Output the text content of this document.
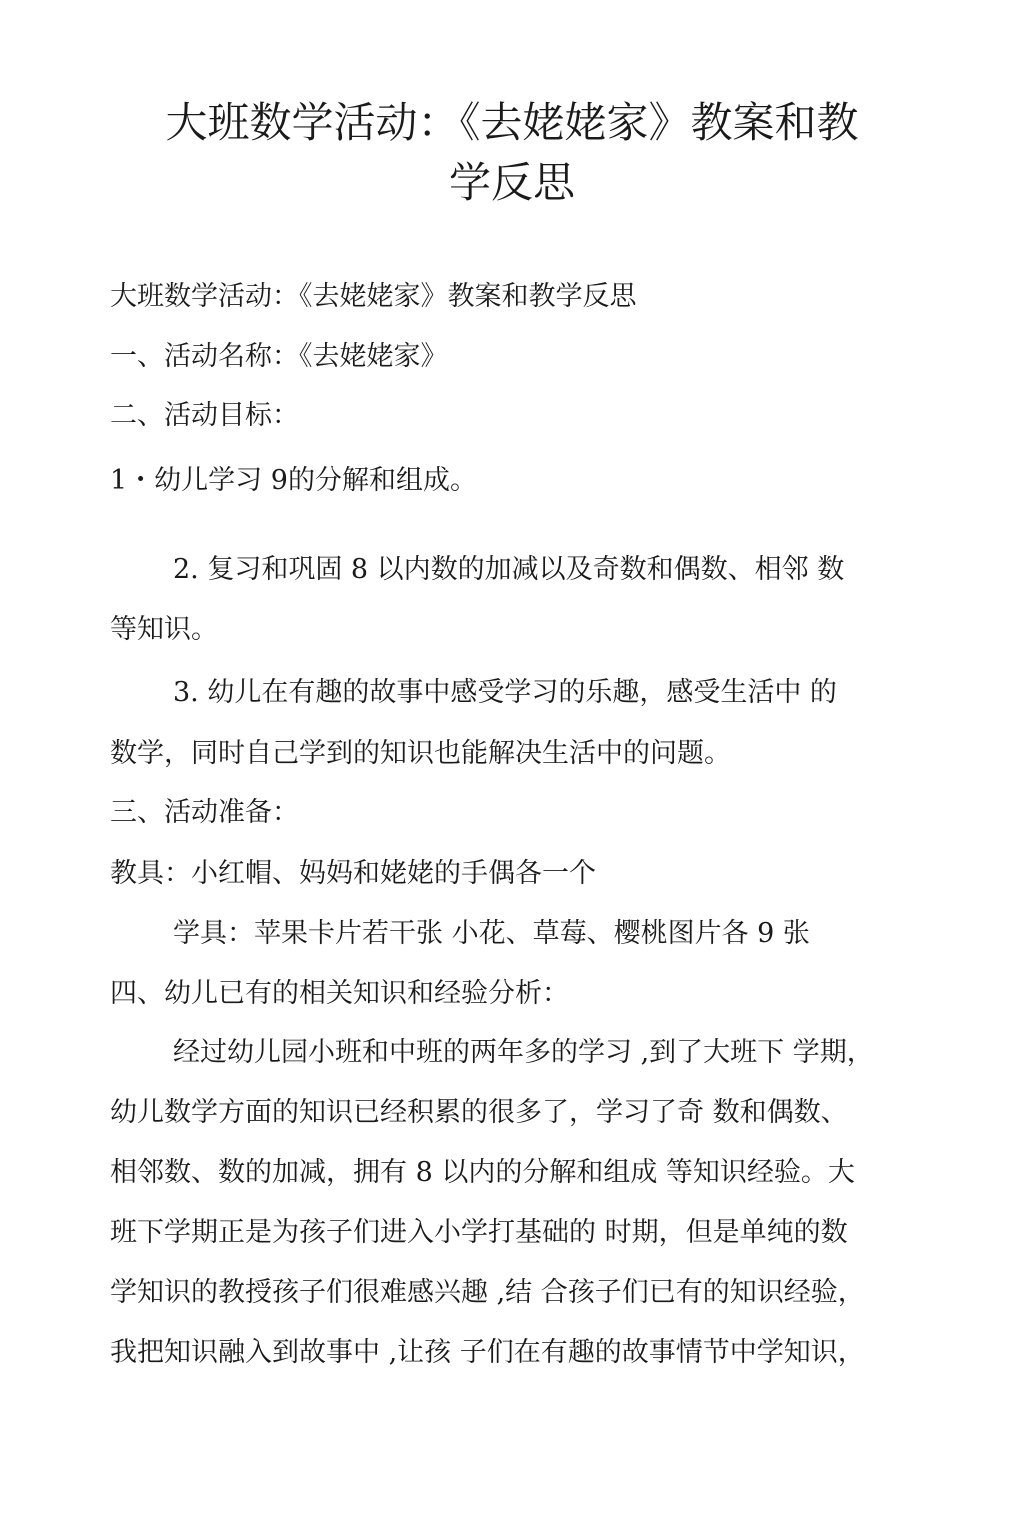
大班数学活动：《去姥姥家》教案和教
学反思

大班数学活动：《去姥姥家》教案和教学反思

一、活动名称：《去姥姥家》

二、活动目标：

1・幼儿学习 9的分解和组成。

2. 复习和巩固 8 以内数的加减以及奇数和偶数、相邻 数

等知识。

3. 幼儿在有趣的故事中感受学习的乐趣，感受生活中 的

数学，同时自己学到的知识也能解决生活中的问题。

三、活动准备：

教具：小红帽、妈妈和姥姥的手偶各一个

学具：苹果卡片若干张 小花、草莓、樱桃图片各 9 张

四、幼儿已有的相关知识和经验分析：

经过幼儿园小班和中班的两年多的学习 ,到了大班下 学期，

幼儿数学方面的知识已经积累的很多了，学习了奇 数和偶数、

相邻数、数的加减，拥有 8 以内的分解和组成 等知识经验。大

班下学期正是为孩子们进入小学打基础的 时期，但是单纯的数

学知识的教授孩子们很难感兴趣 ,结 合孩子们已有的知识经验，

我把知识融入到故事中 ,让孩 子们在有趣的故事情节中学知识，
